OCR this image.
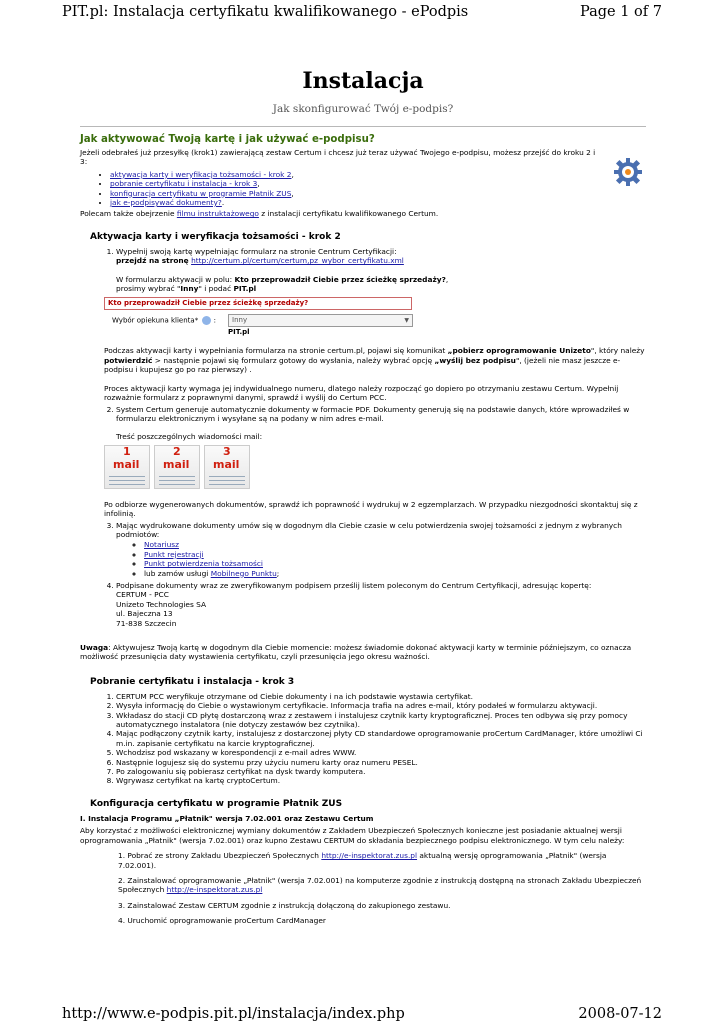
PIT.pl: Instalacja certyfikatu kwalifikowanego - ePodpis	Page 1 of 7
Instalacja
Jak skonfigurować Twój e-podpis?
Jak aktywować Twoją kartę i jak używać e-podpisu?

Jeżeli odebrałeś już przesyłkę (krok1) zawierającą zestaw Certum i chcesz już teraz używać Twojego e-podpisu, możesz przejść do kroku 2 i 3:

• aktywacja karty i weryfikacja tożsamości - krok 2,
• pobranie certyfikatu i instalacja - krok 3,
• konfiguracja certyfikatu w programie Płatnik ZUS,
• jak e-podpisywać dokumenty?.

Polecam także obejrzenie filmu instruktażowego z instalacji certyfikatu kwalifikowanego Certum.

Aktywacja karty i weryfikacja tożsamości - krok 2

1. Wypełnij swoją kartę wypełniając formularz na stronie Centrum Certyfikacji:

przejdź na stronę http://certum.pl/certum/certum,pz_wybor_certyfikatu.xml

W formularzu aktywacji w polu: Kto przeprowadził Ciebie przez ścieżkę sprzedaży?,

prosimy wybrać "Inny" i podać PIT.pl

Kto przeprowadził Ciebie przez ścieżkę sprzedaży?
Wybór opiekuna klienta* :	Inny	▼
PIT.pl

Podczas aktywacji karty i wypełniania formularza na stronie certum.pl, pojawi się komunikat „pobierz oprogramowanie Unizeto", który należy potwierdzić > następnie pojawi się formularz gotowy do wysłania, należy wybrać opcję „wyślij bez podpisu", (jeżeli nie masz jeszcze e-podpisu i kupujesz go po raz pierwszy) .

Proces aktywacji karty wymaga jej indywidualnego numeru, dlatego należy rozpocząć go dopiero po otrzymaniu zestawu Certum. Wypełnij rozważnie formularz z poprawnymi danymi, sprawdź i wyślij do Certum PCC.

2. System Certum generuje automatycznie dokumenty w formacie PDF. Dokumenty generują się na podstawie danych, które wprowadziłeś w formularzu elektronicznym i wysyłane są na podany w nim adres e-mail.

Treść poszczególnych wiadomości mail:

1
mail
2
mail
3
mail

Po odbiorze wygenerowanych dokumentów, sprawdź ich poprawność i wydrukuj w 2 egzemplarzach. W przypadku niezgodności skontaktuj się z infolinią.

3. Mając wydrukowane dokumenty umów się w dogodnym dla Ciebie czasie w celu potwierdzenia swojej tożsamości z jednym z wybranych podmiotów:

◦ Notariusz
◦ Punkt rejestracji
◦ Punkt potwierdzenia tożsamości
◦ lub zamów usługi Mobilnego Punktu;

4. Podpisane dokumenty wraz ze zweryfikowanym podpisem prześlij listem poleconym do Centrum Certyfikacji, adresując kopertę:

CERTUM - PCC

Unizeto Technologies SA

ul. Bajeczna 13

71-838 Szczecin

Uwaga: Aktywujesz Twoją kartę w dogodnym dla Ciebie momencie: możesz świadomie dokonać aktywacji karty w terminie późniejszym, co oznacza możliwość przesunięcia daty wystawienia certyfikatu, czyli przesunięcia jego okresu ważności.

Pobranie certyfikatu i instalacja - krok 3
1. CERTUM PCC weryfikuje otrzymane od Ciebie dokumenty i na ich podstawie wystawia certyfikat.
2. Wysyła informację do Ciebie o wystawionym certyfikacie. Informacja trafia na adres e-mail, który podałeś w formularzu aktywacji.
3. Wkładasz do stacji CD płytę dostarczoną wraz z zestawem i instalujesz czytnik karty kryptograficznej. Proces ten odbywa się przy pomocy automatycznego instalatora (nie dotyczy zestawów bez czytnika).
4. Mając podłączony czytnik karty, instalujesz z dostarczonej płyty CD standardowe oprogramowanie proCertum CardManager, które umożliwi Ci m.in. zapisanie certyfikatu na karcie kryptograficznej.
5. Wchodzisz pod wskazany w korespondencji z e-mail adres WWW.
6. Następnie logujesz się do systemu przy użyciu numeru karty oraz numeru PESEL.
7. Po zalogowaniu się pobierasz certyfikat na dysk twardy komputera.
8. Wgrywasz certyfikat na kartę cryptoCertum.
Konfiguracja certyfikatu w programie Płatnik ZUS

I. Instalacja Programu „Płatnik" wersja 7.02.001 oraz Zestawu Certum

Aby korzystać z możliwości elektronicznej wymiany dokumentów z Zakładem Ubezpieczeń Społecznych konieczne jest posiadanie aktualnej wersji oprogramowania „Płatnik" (wersja 7.02.001) oraz kupno Zestawu CERTUM do składania bezpiecznego podpisu elektronicznego. W tym celu należy:

1. Pobrać ze strony Zakładu Ubezpieczeń Społecznych http://e-inspektorat.zus.pl aktualną wersję oprogramowania „Płatnik" (wersja 7.02.001).
2. Zainstalować oprogramowanie „Płatnik" (wersja 7.02.001) na komputerze zgodnie z instrukcją dostępną na stronach Zakładu Ubezpieczeń Społecznych http://e-inspektorat.zus.pl
3. Zainstalować Zestaw CERTUM zgodnie z instrukcją dołączoną do zakupionego zestawu.
4. Uruchomić oprogramowanie proCertum CardManager
http://www.e-podpis.pit.pl/instalacja/index.php	2008-07-12
